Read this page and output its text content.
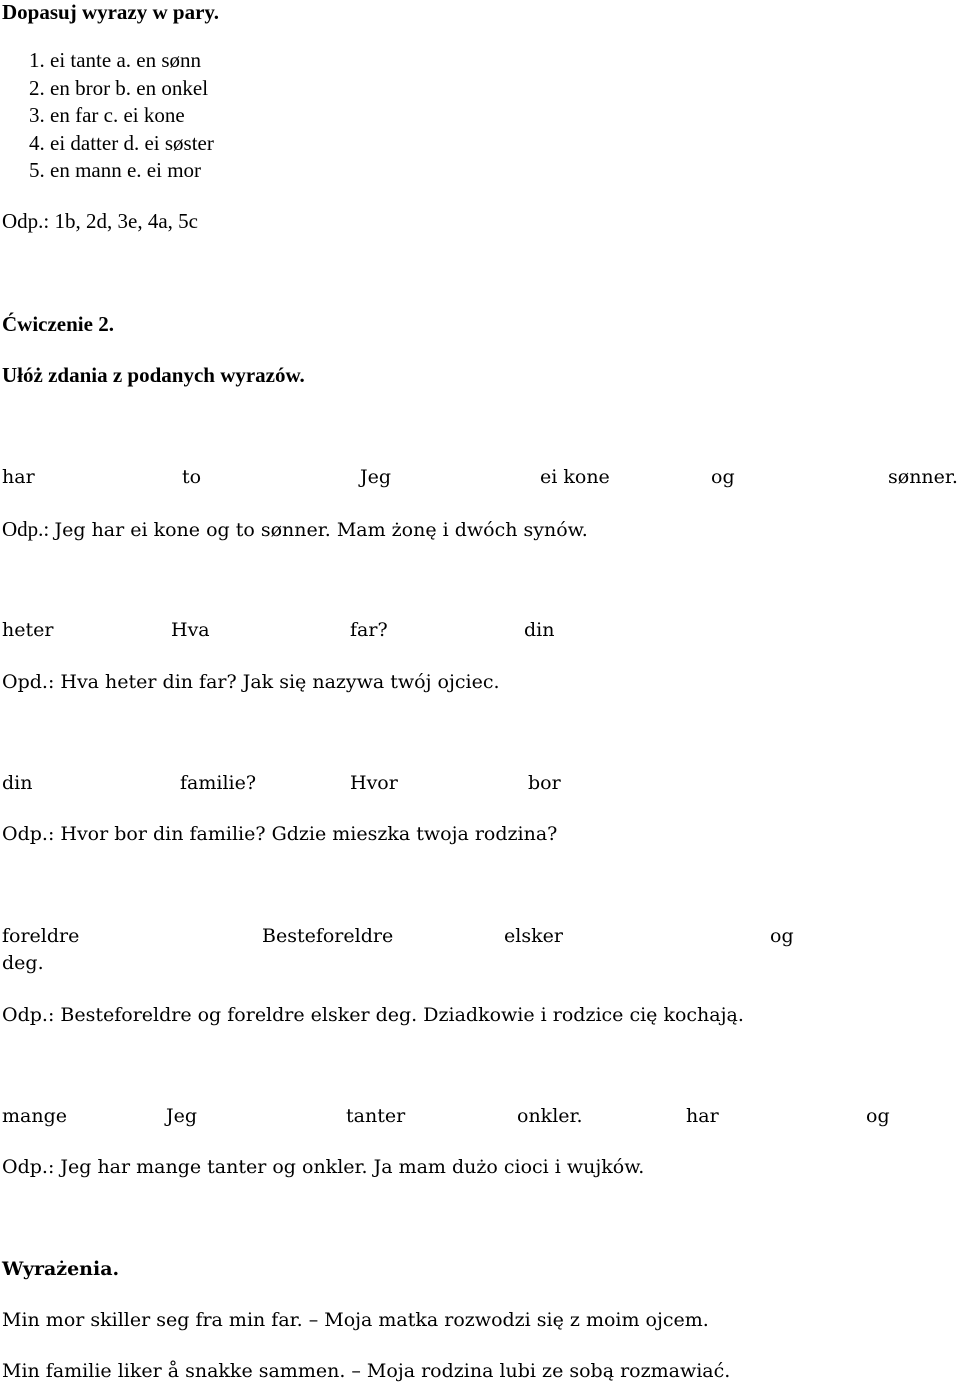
Dopasuj wyrazy w pary.
1. ei tante a. en sønn
2. en bror b. en onkel
3. en far c. ei kone
4. ei datter d. ei søster
5. en mann e. ei mor
Odp.: 1b, 2d, 3e, 4a, 5c
Ćwiczenie 2.
Ułóż zdania z podanych wyrazów.
har	to	Jeg	ei kone	og	sønner.
Odp.: Jeg har ei kone og to sønner. Mam żonę i dwóch synów.
heter	Hva	far?	din
Opd.: Hva heter din far? Jak się nazywa twój ojciec.
din	familie?	Hvor	bor
Odp.: Hvor bor din familie? Gdzie mieszka twoja rodzina?
foreldre	Besteforeldre	elsker	og
deg.
Odp.: Besteforeldre og foreldre elsker deg. Dziadkowie i rodzice cię kochają.
mange	Jeg	tanter	onkler.	har	og
Odp.: Jeg har mange tanter og onkler. Ja mam dużo cioci i wujków.
Wyrażenia.
Min mor skiller seg fra min far. – Moja matka rozwodzi się z moim ojcem.
Min familie liker å snakke sammen. – Moja rodzina lubi ze sobą rozmawiać.
